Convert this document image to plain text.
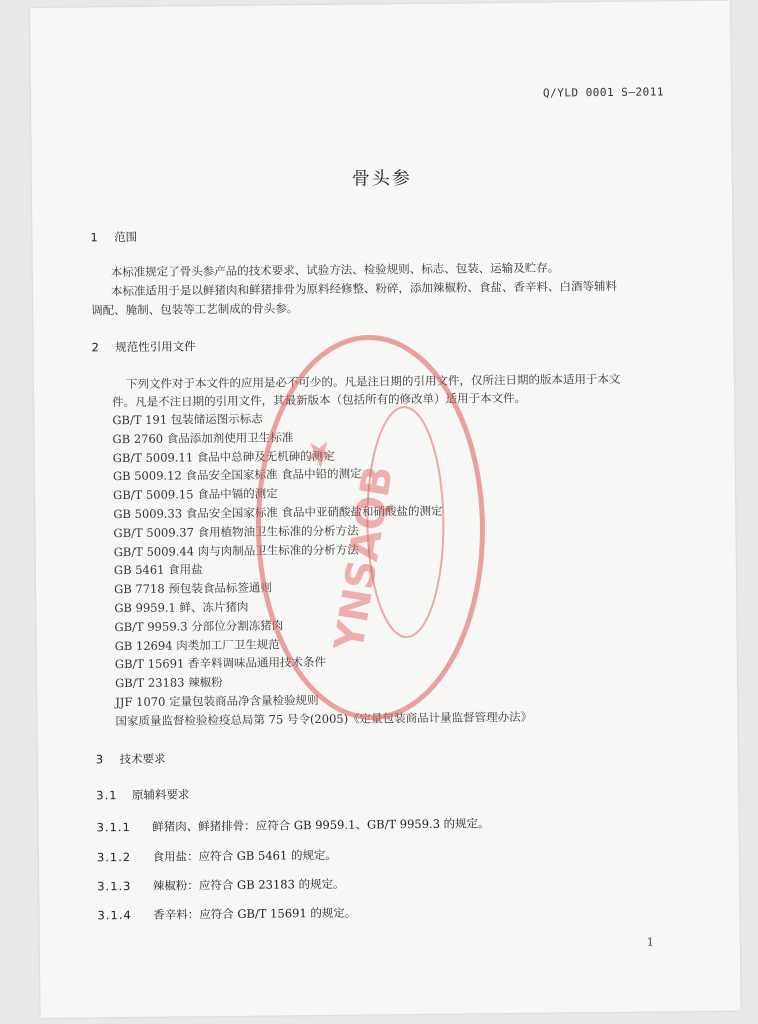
Q/YLD 0001 S—2011
骨头参
1 范围
本标准规定了骨头参产品的技术要求、试验方法、检验规则、标志、包装、运输及贮存。
本标准适用于是以鲜猪肉和鲜猪排骨为原料经修整、粉碎，添加辣椒粉、食盐、香辛料、白酒等辅料
调配、腌制、包装等工艺制成的骨头参。
2 规范性引用文件
下列文件对于本文件的应用是必不可少的。凡是注日期的引用文件，仅所注日期的版本适用于本文
件。凡是不注日期的引用文件，其最新版本（包括所有的修改单）适用于本文件。
GB/T 191 包装储运图示标志
GB 2760 食品添加剂使用卫生标准
GB/T 5009.11 食品中总砷及无机砷的测定
GB 5009.12 食品安全国家标准 食品中铅的测定
GB/T 5009.15 食品中镉的测定
GB 5009.33 食品安全国家标准 食品中亚硝酸盐和硝酸盐的测定
GB/T 5009.37 食用植物油卫生标准的分析方法
GB/T 5009.44 肉与肉制品卫生标准的分析方法
GB 5461 食用盐
GB 7718 预包装食品标签通则
GB 9959.1 鲜、冻片猪肉
GB/T 9959.3 分部位分割冻猪肉
GB 12694 肉类加工厂卫生规范
GB/T 15691 香辛料调味品通用技术条件
GB/T 23183 辣椒粉
JJF 1070 定量包装商品净含量检验规则
国家质量监督检验检疫总局第 75 号令(2005)《定量包装商品计量监督管理办法》
3 技术要求
3.1 原辅料要求
3.1.1 鲜猪肉、鲜猪排骨：应符合 GB 9959.1、GB/T 9959.3 的规定。
3.1.2 食用盐：应符合 GB 5461 的规定。
3.1.3 辣椒粉：应符合 GB 23183 的规定。
3.1.4 香辛料：应符合 GB/T 15691 的规定。
1
YNSAQB
★
